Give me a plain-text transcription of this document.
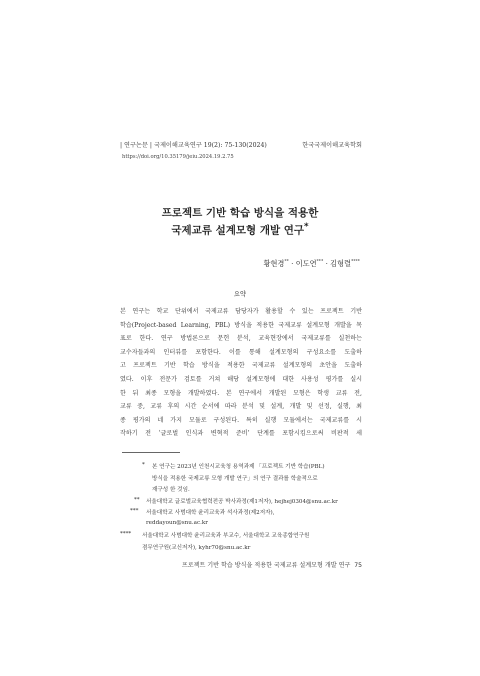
| 연구논문 | 국제이해교육연구 19(2): 75-130(2024)	한국국제이해교육학회
https://doi.org/10.35179/jeiu.2024.19.2.75
프로젝트 기반 학습 방식을 적용한
국제교류 설계모형 개발 연구*
황현경** · 이도연*** · 김형렬****
요약
본 연구는 학교 단위에서 국제교류 담당자가 활용할 수 있는 프로젝트 기반
학습(Project-based Learning, PBL) 방식을 적용한 국제교류 설계모형 개발을 목
표로 한다. 연구 방법론으로 문헌 분석, 교육현장에서 국제교류를 실천하는
교수자들과의 인터뷰를 포함한다. 이를 통해 설계모형의 구성요소를 도출하
고 프로젝트 기반 학습 방식을 적용한 국제교류 설계모형의 초안을 도출하
였다. 이후 전문가 검토를 거쳐 해당 설계모형에 대한 사용성 평가를 실시
한 뒤 최종 모형을 개발하였다. 본 연구에서 개발된 모형은 학생 교류 전,
교류 중, 교류 후의 시간 순서에 따라 분석 및 설계, 개발 및 선정, 실행, 최
종 평가의 네 가지 모듈로 구성된다. 특히 실행 모듈에서는 국제교류를 시
작하기 전 ‘글로벌 인식과 변혁적 준비’ 단계를 포함시킴으로써 비판적 세
* 본 연구는 2023년 인천시교육청 용역과제 「프로젝트 기반 학습(PBL)
방식을 적용한 국제교류 모형 개발 연구」의 연구 결과를 학술적으로
재구성 한 것임.
** 서울대학교 글로벌교육협력전공 박사과정(제1저자), hejhej0304@snu.ac.kr
*** 서울대학교 사범대학 윤리교육과 석사과정(제2저자),
reddayoun@snu.ac.kr
**** 서울대학교 사범대학 윤리교육과 부교수, 서울대학교 교육종합연구원
겸무연구원(교신저자), kyhr70@snu.ac.kr
프로젝트 기반 학습 방식을 적용한 국제교류 설계모형 개발 연구 75
